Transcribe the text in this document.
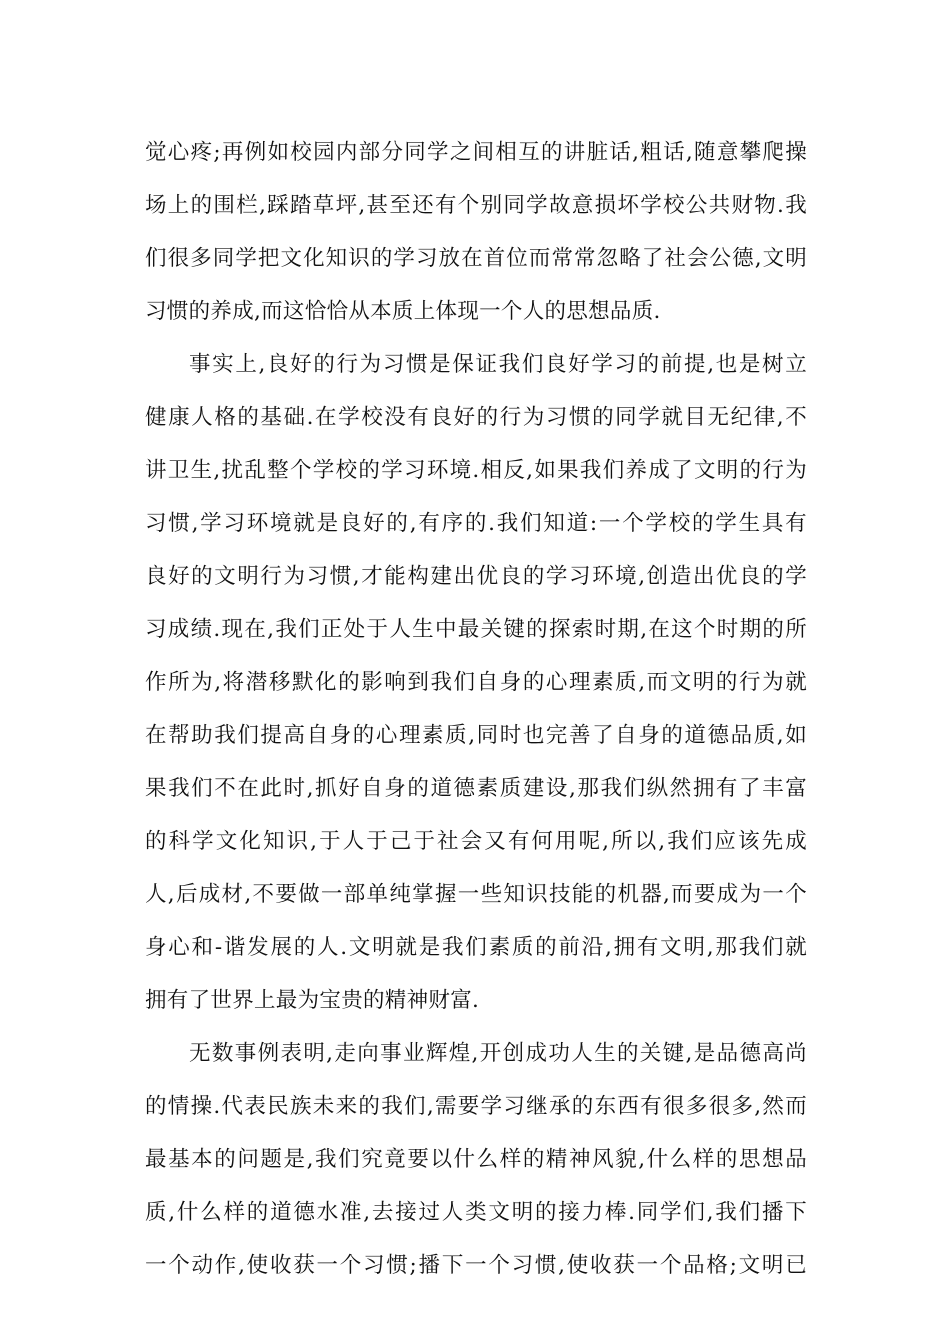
觉心疼;再例如校园内部分同学之间相互的讲脏话,粗话,随意攀爬操
场上的围栏,踩踏草坪,甚至还有个别同学故意损坏学校公共财物.我
们很多同学把文化知识的学习放在首位而常常忽略了社会公德,文明
习惯的养成,而这恰恰从本质上体现一个人的思想品质.
事实上,良好的行为习惯是保证我们良好学习的前提,也是树立
健康人格的基础.在学校没有良好的行为习惯的同学就目无纪律,不
讲卫生,扰乱整个学校的学习环境.相反,如果我们养成了文明的行为
习惯,学习环境就是良好的,有序的.我们知道:一个学校的学生具有
良好的文明行为习惯,才能构建出优良的学习环境,创造出优良的学
习成绩.现在,我们正处于人生中最关键的探索时期,在这个时期的所
作所为,将潜移默化的影响到我们自身的心理素质,而文明的行为就
在帮助我们提高自身的心理素质,同时也完善了自身的道德品质,如
果我们不在此时,抓好自身的道德素质建设,那我们纵然拥有了丰富
的科学文化知识,于人于己于社会又有何用呢,所以,我们应该先成
人,后成材,不要做一部单纯掌握一些知识技能的机器,而要成为一个
身心和-谐发展的人.文明就是我们素质的前沿,拥有文明,那我们就
拥有了世界上最为宝贵的精神财富.
无数事例表明,走向事业辉煌,开创成功人生的关键,是品德高尚
的情操.代表民族未来的我们,需要学习继承的东西有很多很多,然而
最基本的问题是,我们究竟要以什么样的精神风貌,什么样的思想品
质,什么样的道德水准,去接过人类文明的接力棒.同学们,我们播下
一个动作,使收获一个习惯;播下一个习惯,使收获一个品格;文明已
